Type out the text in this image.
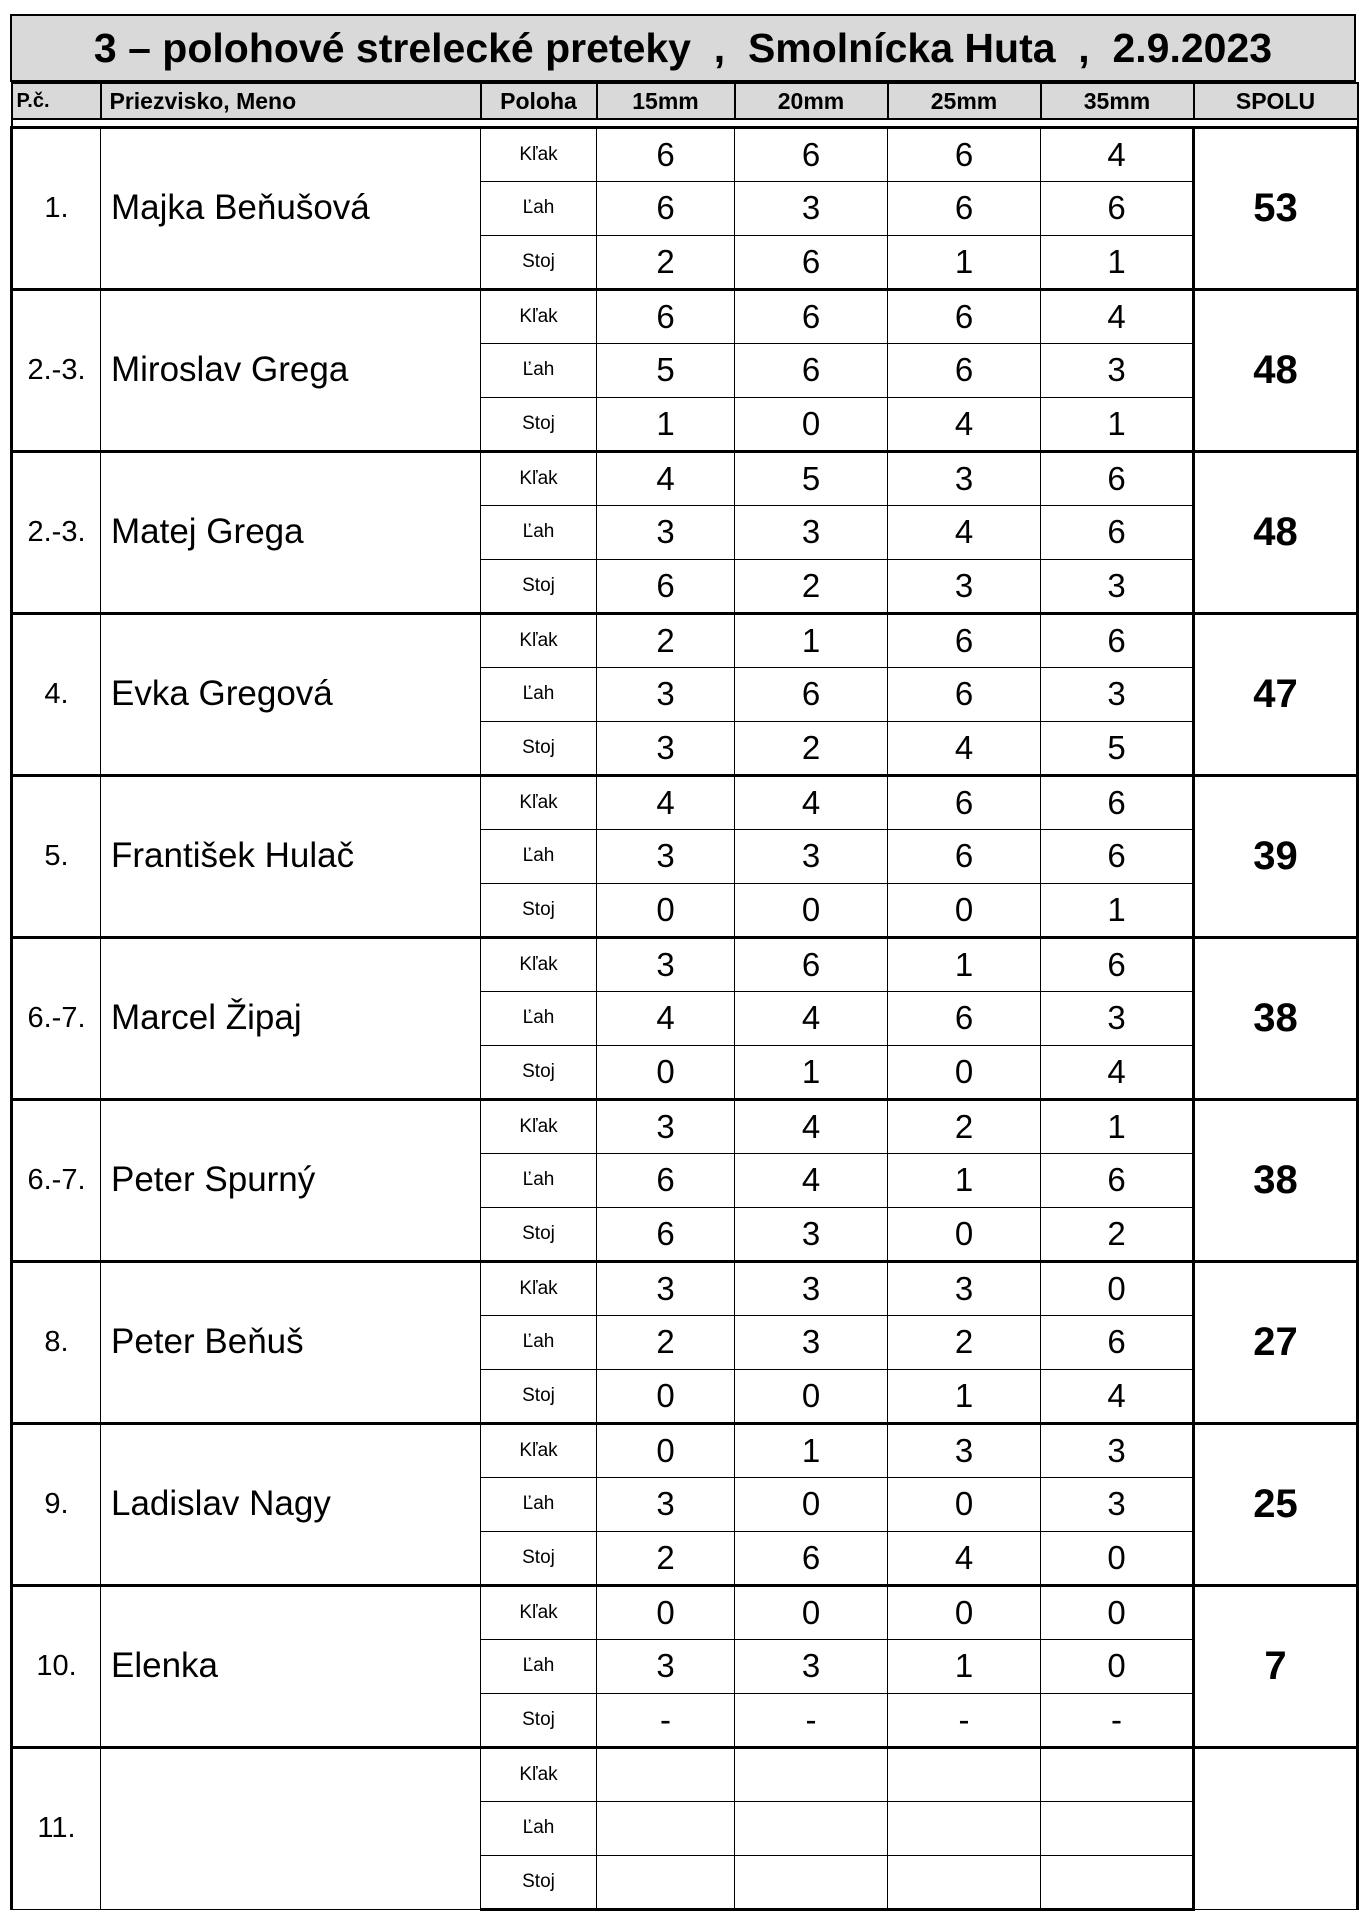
3 – polohové strelecké preteky  ,  Smolnícka Huta  ,  2.9.2023
P.č.	Priezvisko, Meno	Poloha	15mm	20mm	25mm	35mm	SPOLU

1.	Majka Beňušová	Kľak	6	6	6	4	53
		Ľah	6	3	6	6	
		Stoj	2	6	1	1	
2.-3.	Miroslav Grega	Kľak	6	6	6	4	48
		Ľah	5	6	6	3	
		Stoj	1	0	4	1	
2.-3.	Matej Grega	Kľak	4	5	3	6	48
		Ľah	3	3	4	6	
		Stoj	6	2	3	3	
4.	Evka Gregová	Kľak	2	1	6	6	47
		Ľah	3	6	6	3	
		Stoj	3	2	4	5	
5.	František Hulač	Kľak	4	4	6	6	39
		Ľah	3	3	6	6	
		Stoj	0	0	0	1	
6.-7.	Marcel Žipaj	Kľak	3	6	1	6	38
		Ľah	4	4	6	3	
		Stoj	0	1	0	4	
6.-7.	Peter Spurný	Kľak	3	4	2	1	38
		Ľah	6	4	1	6	
		Stoj	6	3	0	2	
8.	Peter Beňuš	Kľak	3	3	3	0	27
		Ľah	2	3	2	6	
		Stoj	0	0	1	4	
9.	Ladislav Nagy	Kľak	0	1	3	3	25
		Ľah	3	0	0	3	
		Stoj	2	6	4	0	
10.	Elenka	Kľak	0	0	0	0	7
		Ľah	3	3	1	0	
		Stoj	-	-	-	-	
11.		Kľak					
		Ľah					
		Stoj					
